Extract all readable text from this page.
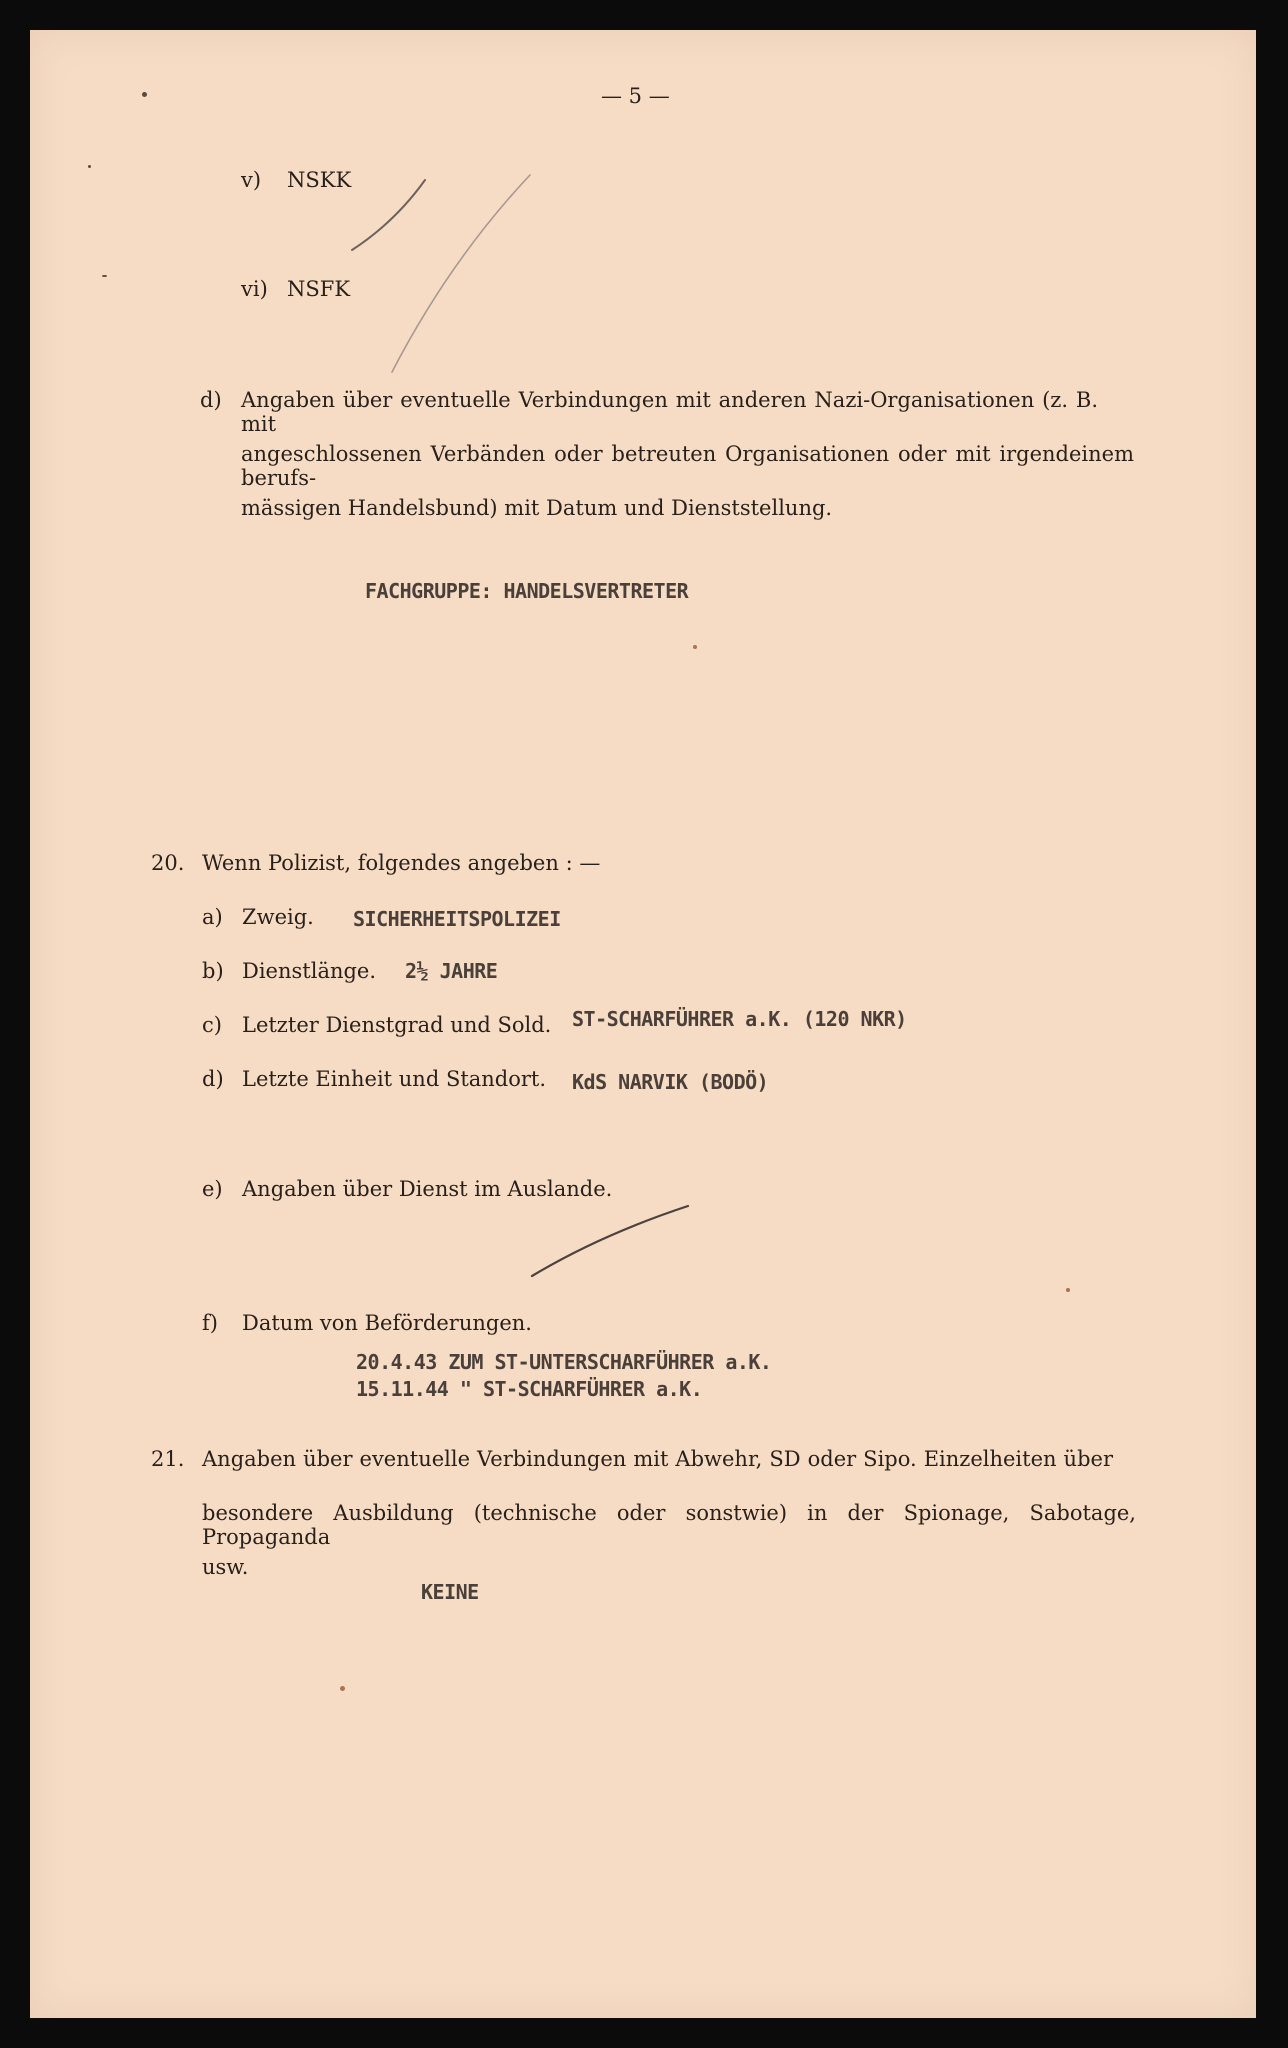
— 5 —
v) NSKK
vi) NSFK
d) Angaben über eventuelle Verbindungen mit anderen Nazi-Organisationen (z. B. mit
angeschlossenen Verbänden oder betreuten Organisationen oder mit irgendeinem berufs-
mässigen Handelsbund) mit Datum und Dienststellung.
FACHGRUPPE: HANDELSVERTRETER
20. Wenn Polizist, folgendes angeben : —
a) Zweig. SICHERHEITSPOLIZEI
b) Dienstlänge. 2½ JAHRE
c) Letzter Dienstgrad und Sold. ST-SCHARFÜHRER a.K. (120 NKR)
d) Letzte Einheit und Standort. KdS NARVIK (BODÖ)
e) Angaben über Dienst im Auslande.
f) Datum von Beförderungen.
20.4.43 ZUM ST-UNTERSCHARFÜHRER a.K.
15.11.44 " ST-SCHARFÜHRER a.K.
21. Angaben über eventuelle Verbindungen mit Abwehr, SD oder Sipo. Einzelheiten über
besondere Ausbildung (technische oder sonstwie) in der Spionage, Sabotage, Propaganda
usw.
KEINE
